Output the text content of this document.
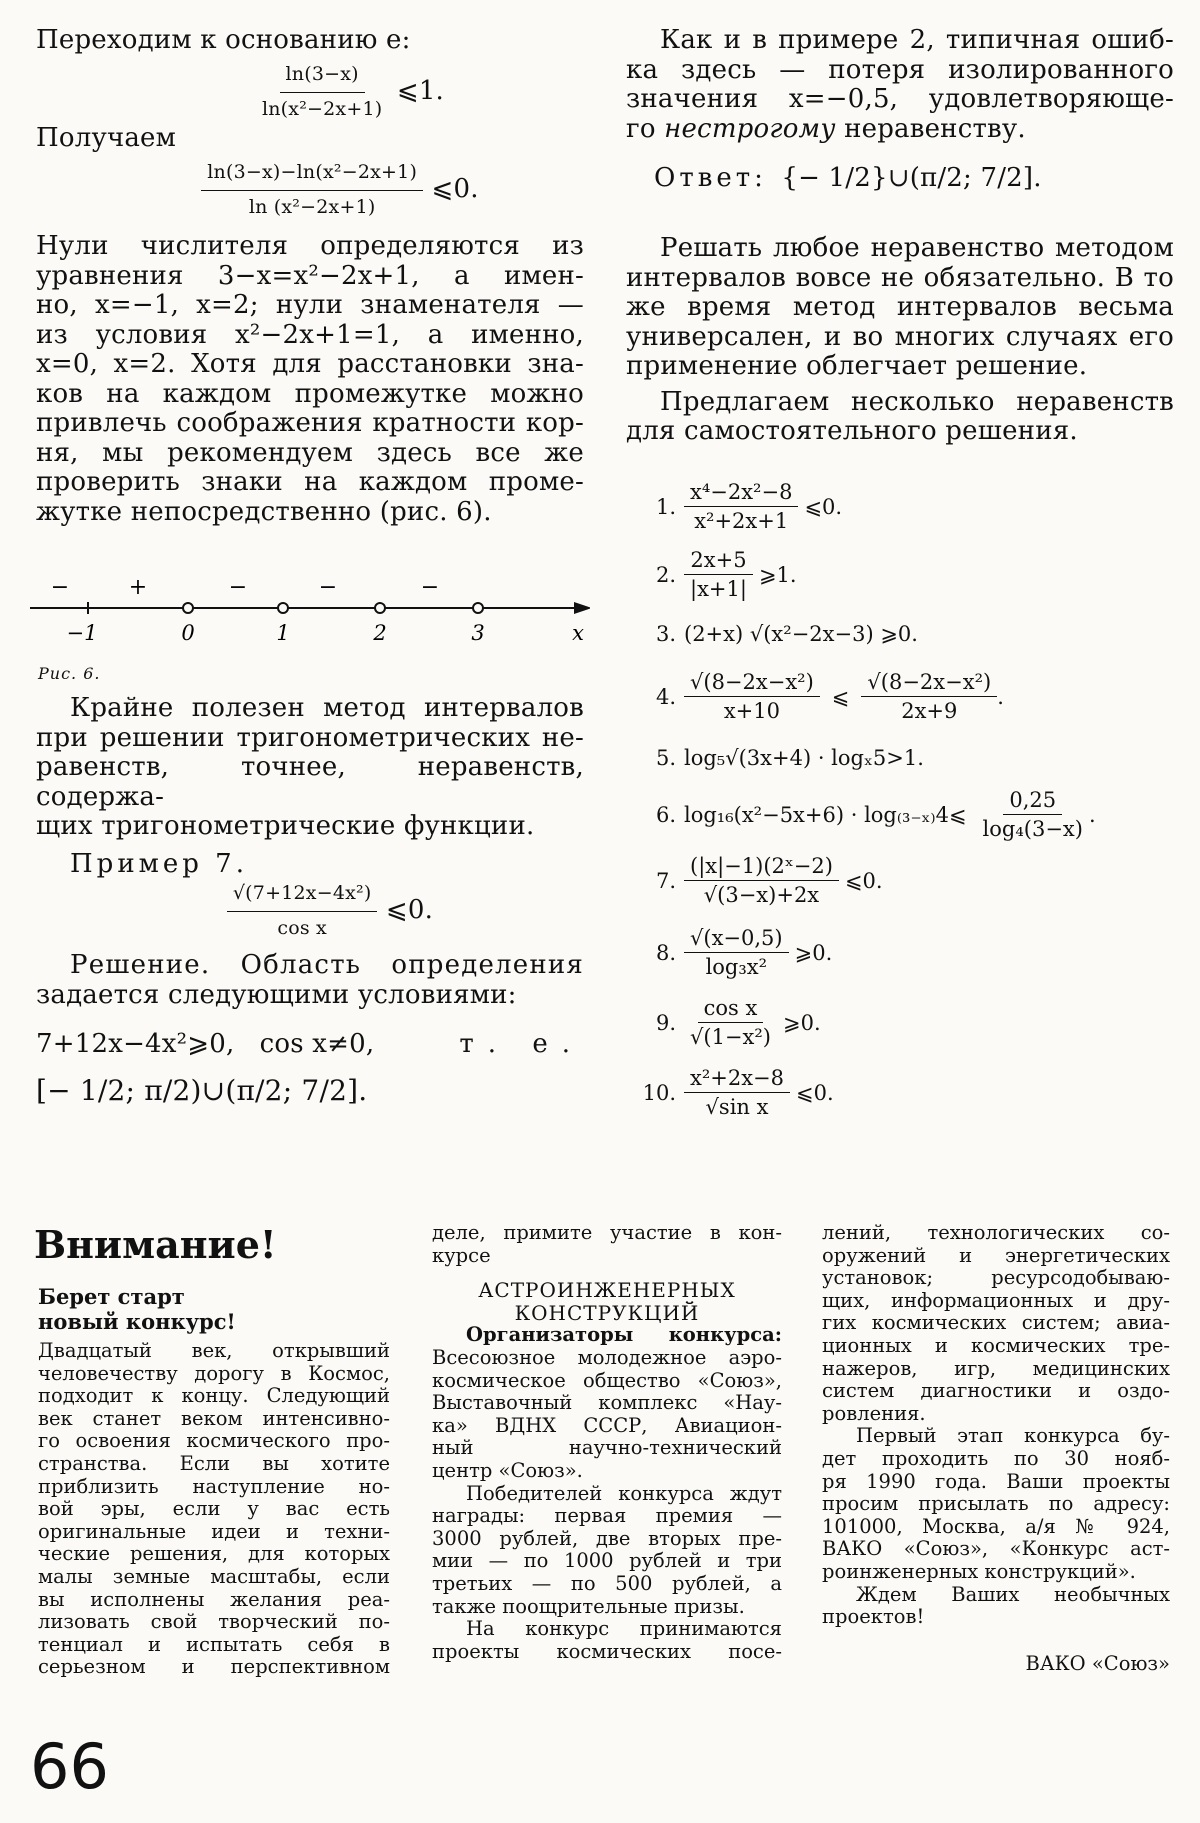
Переходим к основанию e:
$\frac{\ln(3-x)}{\text{ln(x²−2x+1)}}$ ⩽1.
Получаем
$\frac{\text{ln(3−x)−ln(x²−2x+1)}}{\text{ln (x²−2x+1)}}$ ⩽0.
Нули числителя определяются из
уравнения 3−x=x²−2x+1, а имен-
но, x=−1, x=2; нули знаменателя —
из условия x²−2x+1=1, а именно,
x=0, x=2. Хотя для расстановки зна-
ков на каждом промежутке можно
привлечь соображения кратности кор-
ня, мы рекомендуем здесь все же
проверить знаки на каждом проме-
жутке непосредственно (рис. 6).
−	+	−	−	−
−1	0	1	2	3	x
Рис. 6.
Крайне полезен метод интервалов
при решении тригонометрических не-
равенств, точнее, неравенств, содержа-
щих тригонометрические функции.
Пример 7.
$\frac{\text{√(7+12x−4x²)}}{\text{cos x}}$ ⩽0.
Решение. Область определения
задается следующими условиями:
7+12x−4x²⩾0, cos x≠0,	т. е.
[− 1/2; π/2)∪(π/2; 7/2].
Как и в примере 2, типичная ошиб-
ка здесь — потеря изолированного
значения x=−0,5, удовлетворяюще-
го нестрогому неравенству.
Ответ: {− 1/2}∪(π/2; 7/2].
Решать любое неравенство методом
интервалов вовсе не обязательно. В то
же время метод интервалов весьма
универсален, и во многих случаях его
применение облегчает решение.
Предлагаем несколько неравенств
для самостоятельного решения.
1. $\frac{\text{x⁴−2x²−8}}{\text{x²+2x+1}}$ ⩽0.
2. $\frac{2x+5}{|x+1|}$ ⩾1.
3. (2+x) √(x²−2x−3) ⩾0.
4. $\frac{\text{√(8−2x−x²)}}{x+10}$ ⩽ $\frac{\text{√(8−2x−x²)}}{2x+9}$ .
5. log₅√(3x+4) · logₓ5>1.
6. log₁₆(x²−5x+6) · log₍₃₋ₓ₎4⩽ $\frac{0,25}{\text{log₄(3−x)}}$ .
7. $\frac{\text{(|x|−1)(2ˣ−2)}}{√(3-x)+2x}$ ⩽0.
8. $\frac{√(x-0,5)}{\text{log₃x²}}$ ⩾0.
9. $\frac{\text{cos x}}{\text{√(1−x²)}}$ ⩾0.
10. $\frac{\text{x²+2x−8}}{\text{√sin x}}$ ⩽0.
Внимание!
Берет старт
новый конкурс!

Двадцатый век, открывший

человечеству дорогу в Космос,

подходит к концу. Следующий

век станет веком интенсивно-

го освоения космического про-

странства. Если вы хотите

приблизить наступление но-

вой эры, если у вас есть

оригинальные идеи и техни-

ческие решения, для которых

малы земные масштабы, если

вы исполнены желания реа-

лизовать свой творческий по-

тенциал и испытать себя в

серьезном и перспективном

деле, примите участие в кон-

курсе

АСТРОИНЖЕНЕРНЫХ

КОНСТРУКЦИЙ

Организаторы конкурса:

Всесоюзное молодежное аэро-

космическое общество «Союз»,

Выставочный комплекс «Нау-

ка» ВДНХ СССР, Авиацион-

ный научно-технический

центр «Союз».

Победителей конкурса ждут

награды: первая премия —

3000 рублей, две вторых пре-

мии — по 1000 рублей и три

третьих — по 500 рублей, а

также поощрительные призы.

На конкурс принимаются

проекты космических посе-

лений, технологических со-

оружений и энергетических

установок; ресурсодобываю-

щих, информационных и дру-

гих космических систем; авиа-

ционных и космических тре-

нажеров, игр, медицинских

систем диагностики и оздо-

ровления.

Первый этап конкурса бу-

дет проходить по 30 нояб-

ря 1990 года. Ваши проекты

просим присылать по адресу:

101000, Москва, а/я № 924,

ВАКО «Союз», «Конкурс аст-

роинженерных конструкций».

Ждем Ваших необычных

проектов!

ВАКО «Союз»

66
